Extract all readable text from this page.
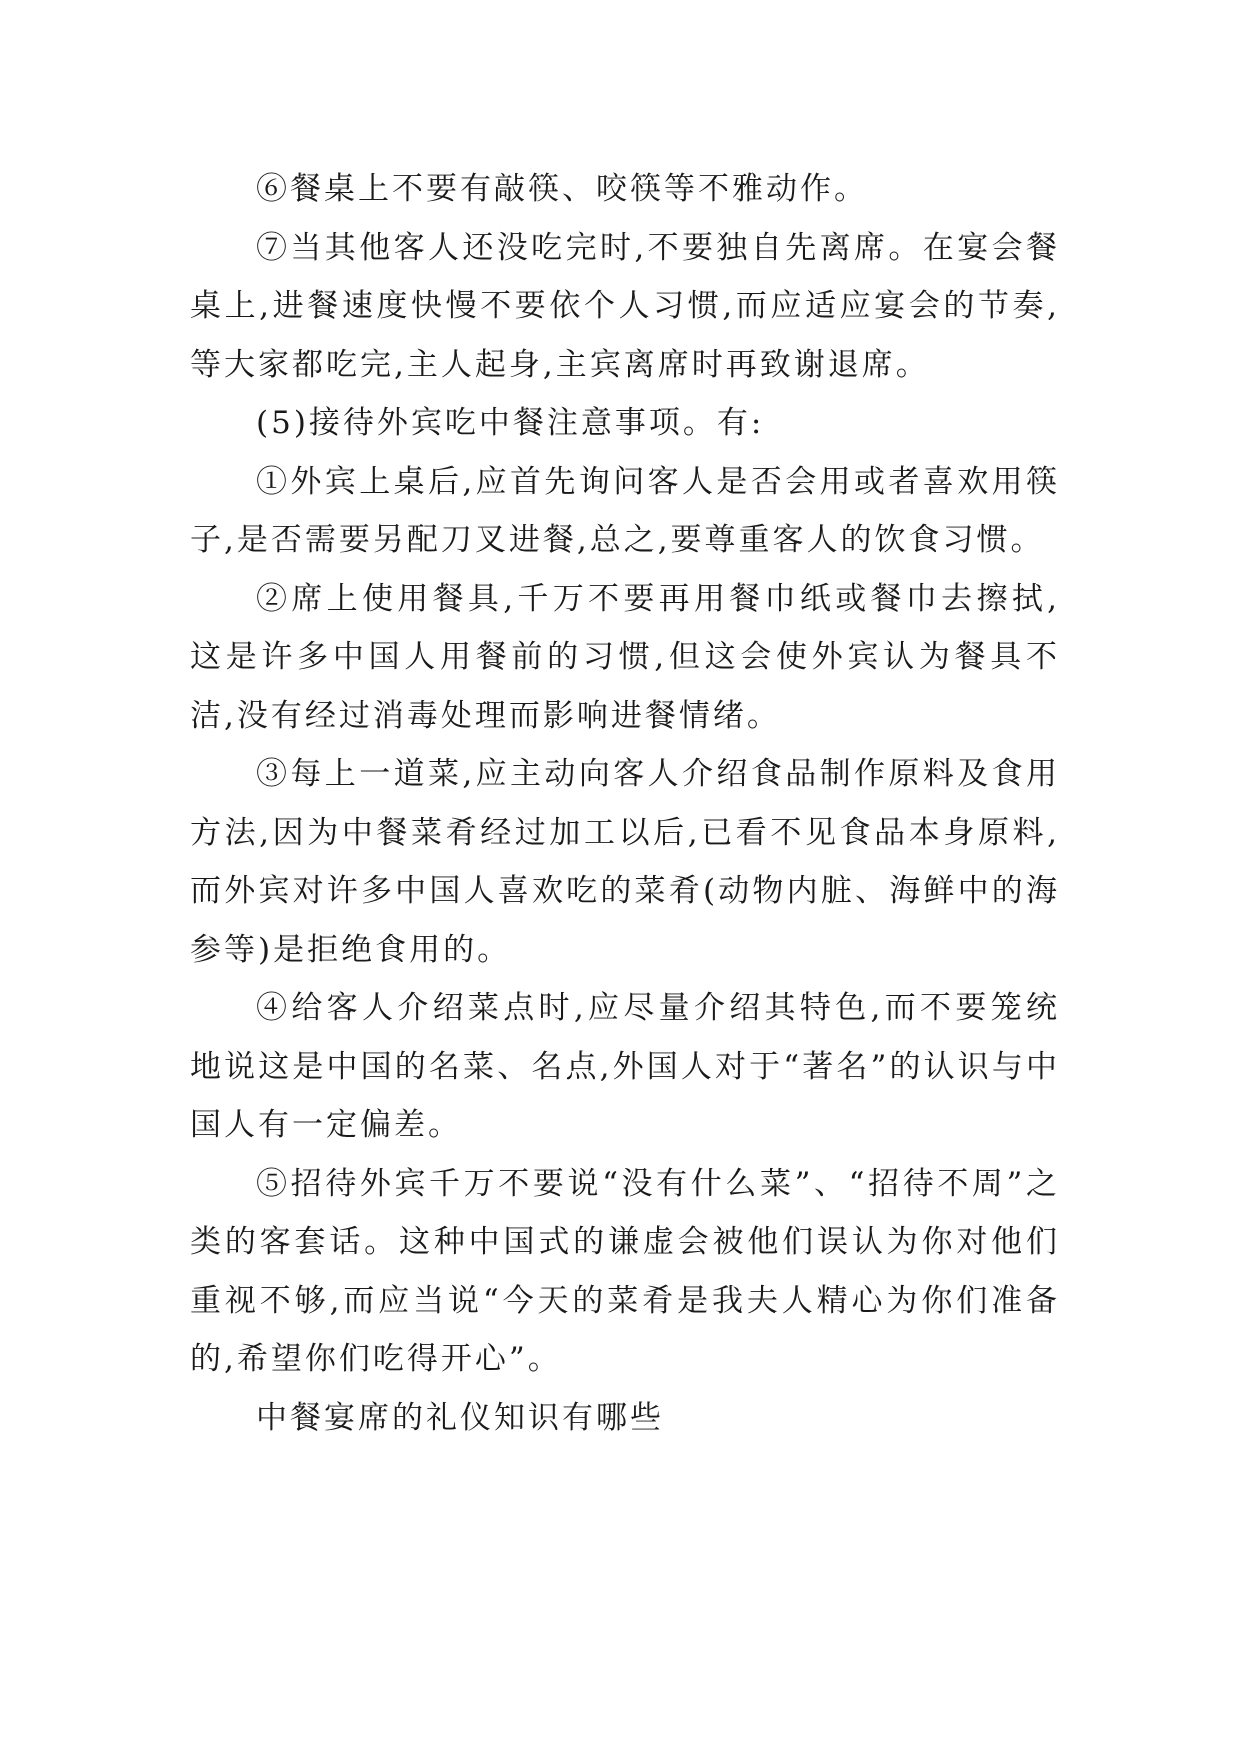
⑥餐桌上不要有敲筷、咬筷等不雅动作。

⑦当其他客人还没吃完时,不要独自先离席。在宴会餐桌上,进餐速度快慢不要依个人习惯,而应适应宴会的节奏,等大家都吃完,主人起身,主宾离席时再致谢退席。

(5)接待外宾吃中餐注意事项。有:

①外宾上桌后,应首先询问客人是否会用或者喜欢用筷子,是否需要另配刀叉进餐,总之,要尊重客人的饮食习惯。

②席上使用餐具,千万不要再用餐巾纸或餐巾去擦拭,这是许多中国人用餐前的习惯,但这会使外宾认为餐具不洁,没有经过消毒处理而影响进餐情绪。

③每上一道菜,应主动向客人介绍食品制作原料及食用方法,因为中餐菜肴经过加工以后,已看不见食品本身原料,而外宾对许多中国人喜欢吃的菜肴(动物内脏、海鲜中的海参等)是拒绝食用的。

④给客人介绍菜点时,应尽量介绍其特色,而不要笼统地说这是中国的名菜、名点,外国人对于“著名”的认识与中国人有一定偏差。

⑤招待外宾千万不要说“没有什么菜”、“招待不周”之类的客套话。这种中国式的谦虚会被他们误认为你对他们重视不够,而应当说“今天的菜肴是我夫人精心为你们准备的,希望你们吃得开心”。

中餐宴席的礼仪知识有哪些
